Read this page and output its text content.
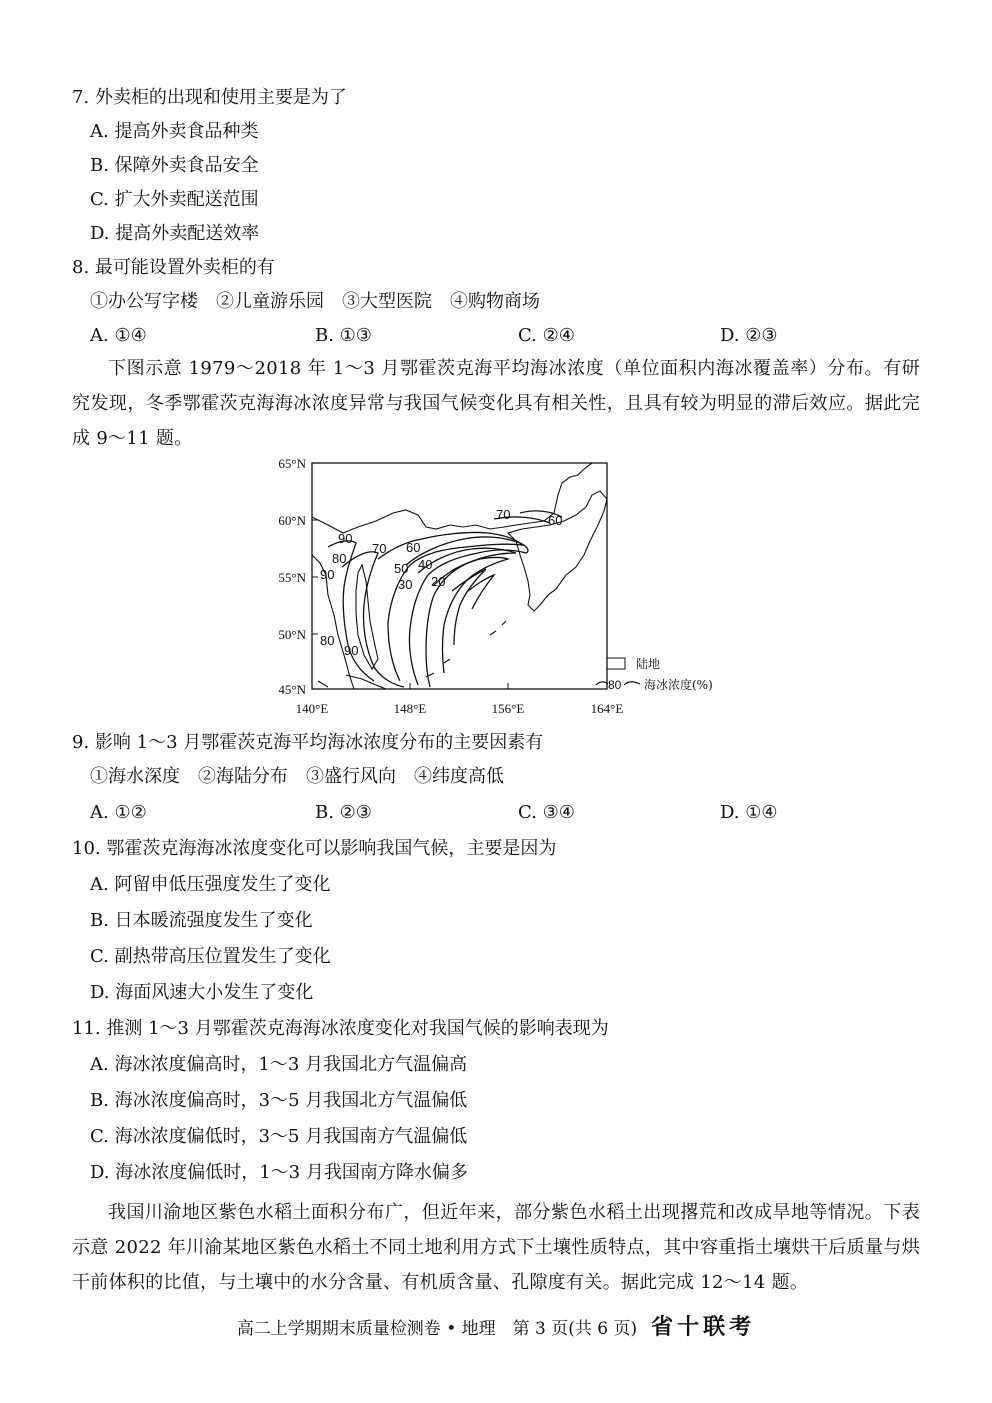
7. 外卖柜的出现和使用主要是为了
A. 提高外卖食品种类
B. 保障外卖食品安全
C. 扩大外卖配送范围
D. 提高外卖配送效率
8. 最可能设置外卖柜的有
①办公写字楼　②儿童游乐园　③大型医院　④购物商场
A. ①④	B. ①③	C. ②④	D. ②③
下图示意 1979～2018 年 1～3 月鄂霍茨克海平均海冰浓度（单位面积内海冰覆盖率）分布。有研究发现，冬季鄂霍茨克海海冰浓度异常与我国气候变化具有相关性，且具有较为明显的滞后效应。据此完成 9～11 题。
90
80
70 60
50 40
30 20
70	60
90
80
90
65°N
60°N
55°N
50°N
45°N
140°E	148°E	156°E	164°E
陆地
80 海冰浓度(%)
9. 影响 1～3 月鄂霍茨克海平均海冰浓度分布的主要因素有
①海水深度　②海陆分布　③盛行风向　④纬度高低
A. ①②	B. ②③	C. ③④	D. ①④
10. 鄂霍茨克海海冰浓度变化可以影响我国气候，主要是因为
A. 阿留申低压强度发生了变化
B. 日本暖流强度发生了变化
C. 副热带高压位置发生了变化
D. 海面风速大小发生了变化
11. 推测 1～3 月鄂霍茨克海海冰浓度变化对我国气候的影响表现为
A. 海冰浓度偏高时，1～3 月我国北方气温偏高
B. 海冰浓度偏高时，3～5 月我国北方气温偏低
C. 海冰浓度偏低时，3～5 月我国南方气温偏低
D. 海冰浓度偏低时，1～3 月我国南方降水偏多
我国川渝地区紫色水稻土面积分布广，但近年来，部分紫色水稻土出现撂荒和改成旱地等情况。下表示意 2022 年川渝某地区紫色水稻土不同土地利用方式下土壤性质特点，其中容重指土壤烘干后质量与烘干前体积的比值，与土壤中的水分含量、有机质含量、孔隙度有关。据此完成 12～14 题。
高二上学期期末质量检测卷 • 地理　第 3 页(共 6 页) 省十联考
